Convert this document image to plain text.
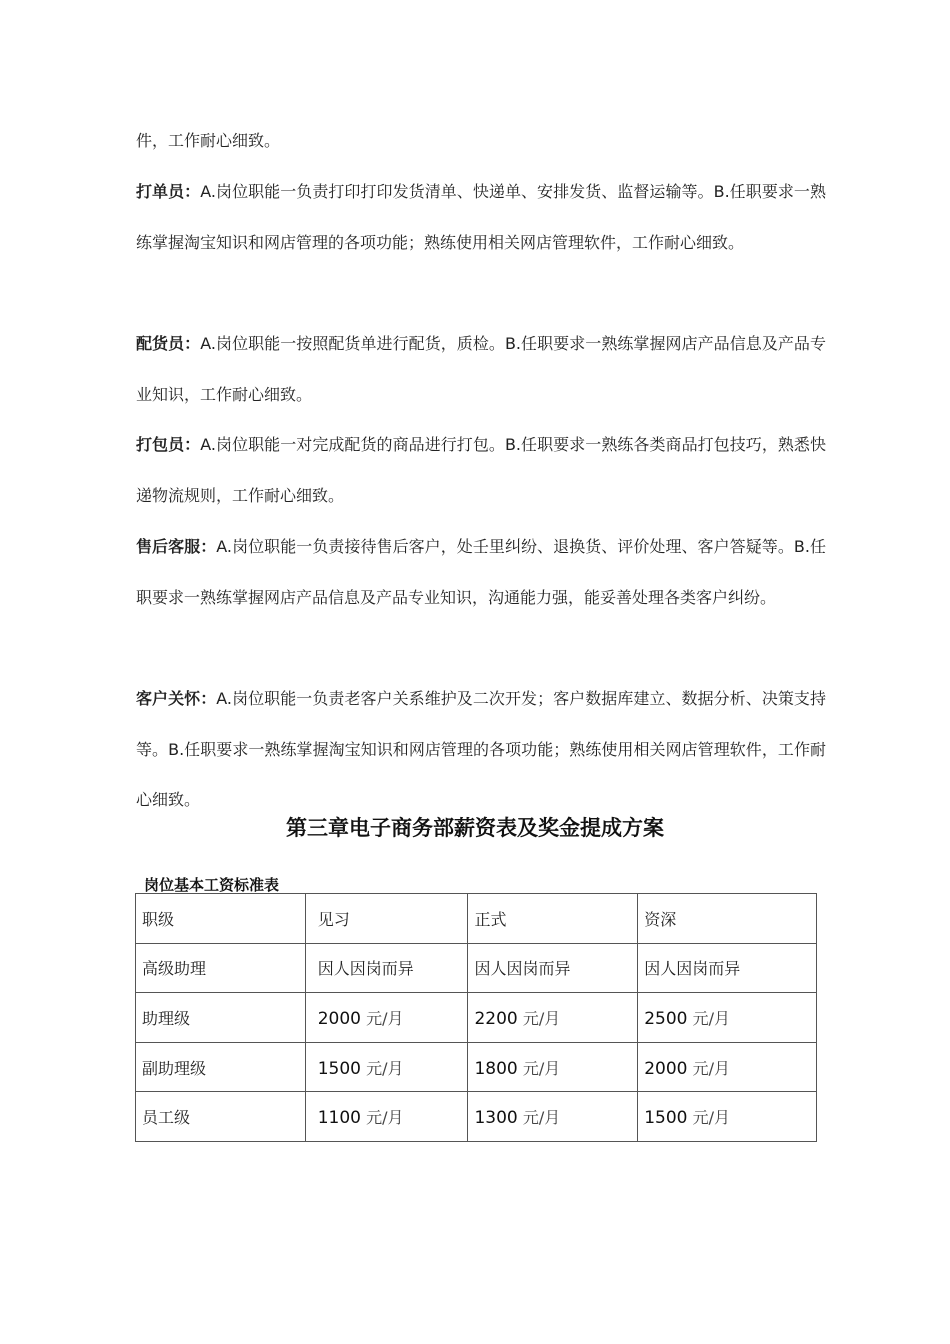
件，工作耐心细致。

打单员：A.岗位职能一负责打印打印发货清单、快递单、安排发货、监督运输等。B.任职要求一熟练掌握淘宝知识和网店管理的各项功能；熟练使用相关网店管理软件，工作耐心细致。

配货员：A.岗位职能一按照配货单进行配货，质检。B.任职要求一熟练掌握网店产品信息及产品专业知识，工作耐心细致。

打包员：A.岗位职能一对完成配货的商品进行打包。B.任职要求一熟练各类商品打包技巧，熟悉快递物流规则，工作耐心细致。

售后客服：A.岗位职能一负责接待售后客户，处壬里纠纷、退换货、评价处理、客户答疑等。B.任职要求一熟练掌握网店产品信息及产品专业知识，沟通能力强，能妥善处理各类客户纠纷。

客户关怀：A.岗位职能一负责老客户关系维护及二次开发；客户数据库建立、数据分析、决策支持等。B.任职要求一熟练掌握淘宝知识和网店管理的各项功能；熟练使用相关网店管理软件，工作耐心细致。

第三章电子商务部薪资表及奖金提成方案

岗位基本工资标准表

职级	见习	正式	资深
高级助理	因人因岗而异	因人因岗而异	因人因岗而异
助理级	2000 元/月	2200 元/月	2500 元/月
副助理级	1500 元/月	1800 元/月	2000 元/月
员工级	1100 元/月	1300 元/月	1500 元/月
